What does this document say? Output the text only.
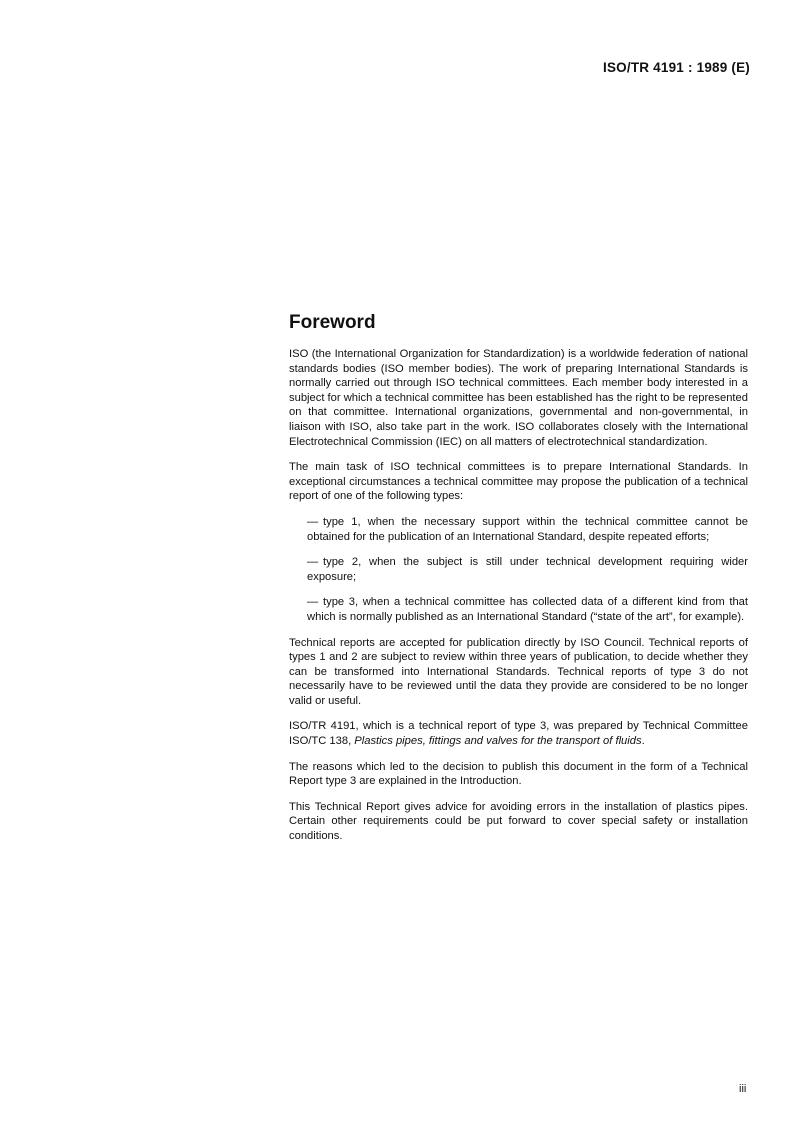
ISO/TR 4191 : 1989 (E)
Foreword

ISO (the International Organization for Standardization) is a worldwide federation of national standards bodies (ISO member bodies). The work of preparing International Standards is normally carried out through ISO technical committees. Each member body interested in a subject for which a technical committee has been established has the right to be represented on that committee. International organizations, governmental and non-governmental, in liaison with ISO, also take part in the work. ISO collaborates closely with the International Electrotechnical Commission (IEC) on all matters of electrotechnical standardization.

The main task of ISO technical committees is to prepare International Standards. In exceptional circumstances a technical committee may propose the publication of a technical report of one of the following types:

— type 1, when the necessary support within the technical committee cannot be obtained for the publication of an International Standard, despite repeated efforts;

— type 2, when the subject is still under technical development requiring wider exposure;

— type 3, when a technical committee has collected data of a different kind from that which is normally published as an International Standard (“state of the art”, for example).

Technical reports are accepted for publication directly by ISO Council. Technical reports of types 1 and 2 are subject to review within three years of publication, to decide whether they can be transformed into International Standards. Technical reports of type 3 do not necessarily have to be reviewed until the data they provide are considered to be no longer valid or useful.

ISO/TR 4191, which is a technical report of type 3, was prepared by Technical Committee ISO/TC 138, Plastics pipes, fittings and valves for the transport of fluids.

The reasons which led to the decision to publish this document in the form of a Technical Report type 3 are explained in the Introduction.

This Technical Report gives advice for avoiding errors in the installation of plastics pipes. Certain other requirements could be put forward to cover special safety or installation conditions.

iii
